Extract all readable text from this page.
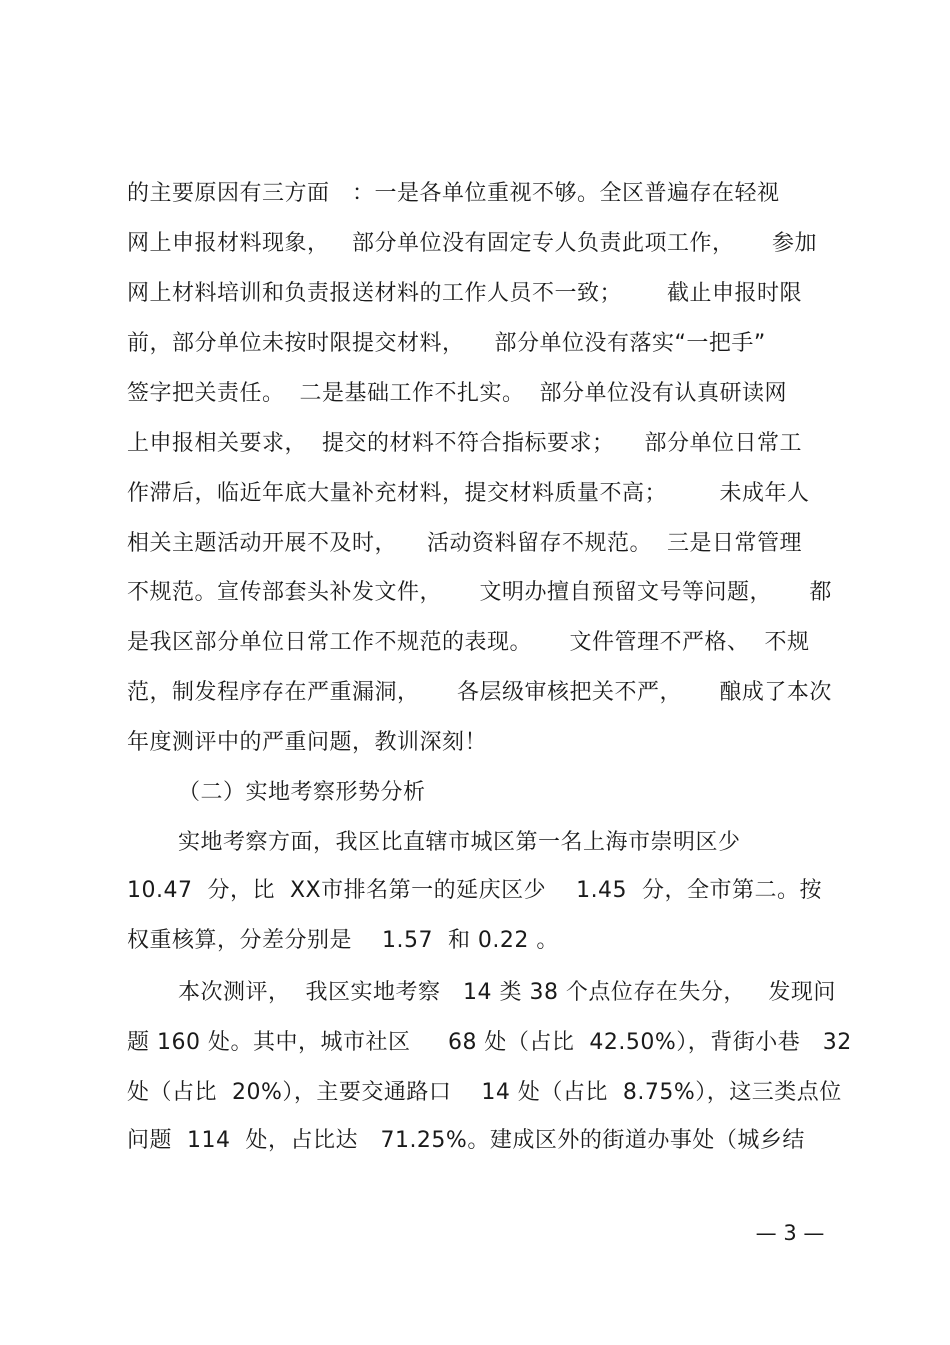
的主要原因有三方面   ：一是各单位重视不够。全区普遍存在轻视
网上申报材料现象，   部分单位没有固定专人负责此项工作，     参加
网上材料培训和负责报送材料的工作人员不一致；      截止申报时限
前，部分单位未按时限提交材料，    部分单位没有落实“一把手”
签字把关责任。  二是基础工作不扎实。  部分单位没有认真研读网
上申报相关要求，  提交的材料不符合指标要求；    部分单位日常工
作滞后，临近年底大量补充材料，提交材料质量不高；       未成年人
相关主题活动开展不及时，    活动资料留存不规范。  三是日常管理
不规范。宣传部套头补发文件，     文明办擅自预留文号等问题，     都
是我区部分单位日常工作不规范的表现。     文件管理不严格、  不规
范，制发程序存在严重漏洞，     各层级审核把关不严，     酿成了本次
年度测评中的严重问题，教训深刻！
（二）实地考察形势分析
实地考察方面，我区比直辖市城区第一名上海市崇明区少
10.47  分，比  XX市排名第一的延庆区少    1.45  分，全市第二。按
权重核算，分差分别是    1.57  和 0.22 。
本次测评，  我区实地考察   14 类 38 个点位存在失分，   发现问
题 160 处。其中，城市社区     68 处（占比  42.50%），背街小巷   32
处（占比  20%），主要交通路口    14 处（占比  8.75%），这三类点位
问题  114  处，占比达   71.25%。建成区外的街道办事处（城乡结
— 3 —
